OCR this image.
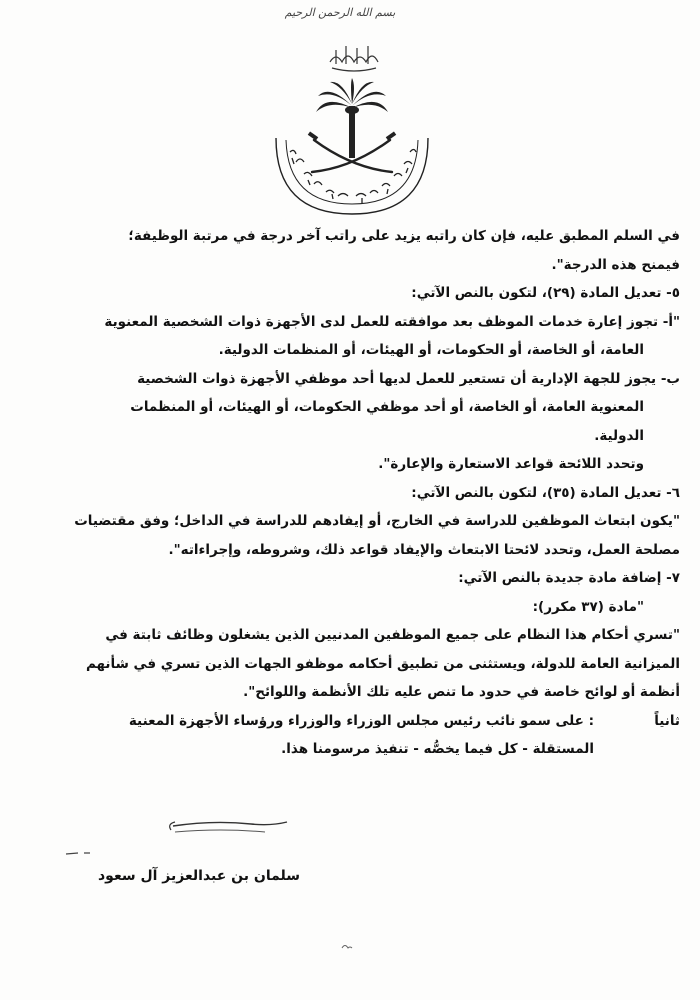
بسم الله الرحمن الرحيم
في السلم المطبق عليه، فإن كان راتبه يزيد على راتب آخر درجة في مرتبة الوظيفة؛
فيمنح هذه الدرجة".
٥- تعديل المادة (٢٩)، لتكون بالنص الآتي:
"أ- تجوز إعارة خدمات الموظف بعد موافقته للعمل لدى الأجهزة ذوات الشخصية المعنوية
العامة، أو الخاصة، أو الحكومات، أو الهيئات، أو المنظمات الدولية.
ب- يجوز للجهة الإدارية أن تستعير للعمل لديها أحد موظفي الأجهزة ذوات الشخصية
المعنوية العامة، أو الخاصة، أو أحد موظفي الحكومات، أو الهيئات، أو المنظمات
الدولية.
وتحدد اللائحة قواعد الاستعارة والإعارة".
٦- تعديل المادة (٣٥)، لتكون بالنص الآتي:
"يكون ابتعاث الموظفين للدراسة في الخارج، أو إيفادهم للدراسة في الداخل؛ وفق مقتضيات
مصلحة العمل، وتحدد لائحتا الابتعاث والإيفاد قواعد ذلك، وشروطه، وإجراءاته".
٧- إضافة مادة جديدة بالنص الآتي:
"مادة (٣٧ مكرر):
"تسري أحكام هذا النظام على جميع الموظفين المدنيين الذين يشغلون وظائف ثابتة في
الميزانية العامة للدولة، ويستثنى من تطبيق أحكامه موظفو الجهات الذين تسري في شأنهم
أنظمة أو لوائح خاصة في حدود ما تنص عليه تلك الأنظمة واللوائح".
ثانياً
: على سمو نائب رئيس مجلس الوزراء والوزراء ورؤساء الأجهزة المعنية
المستقلة - كل فيما يخصُّه - تنفيذ مرسومنا هذا.
سلمان بن عبدالعزيز آل سعود
